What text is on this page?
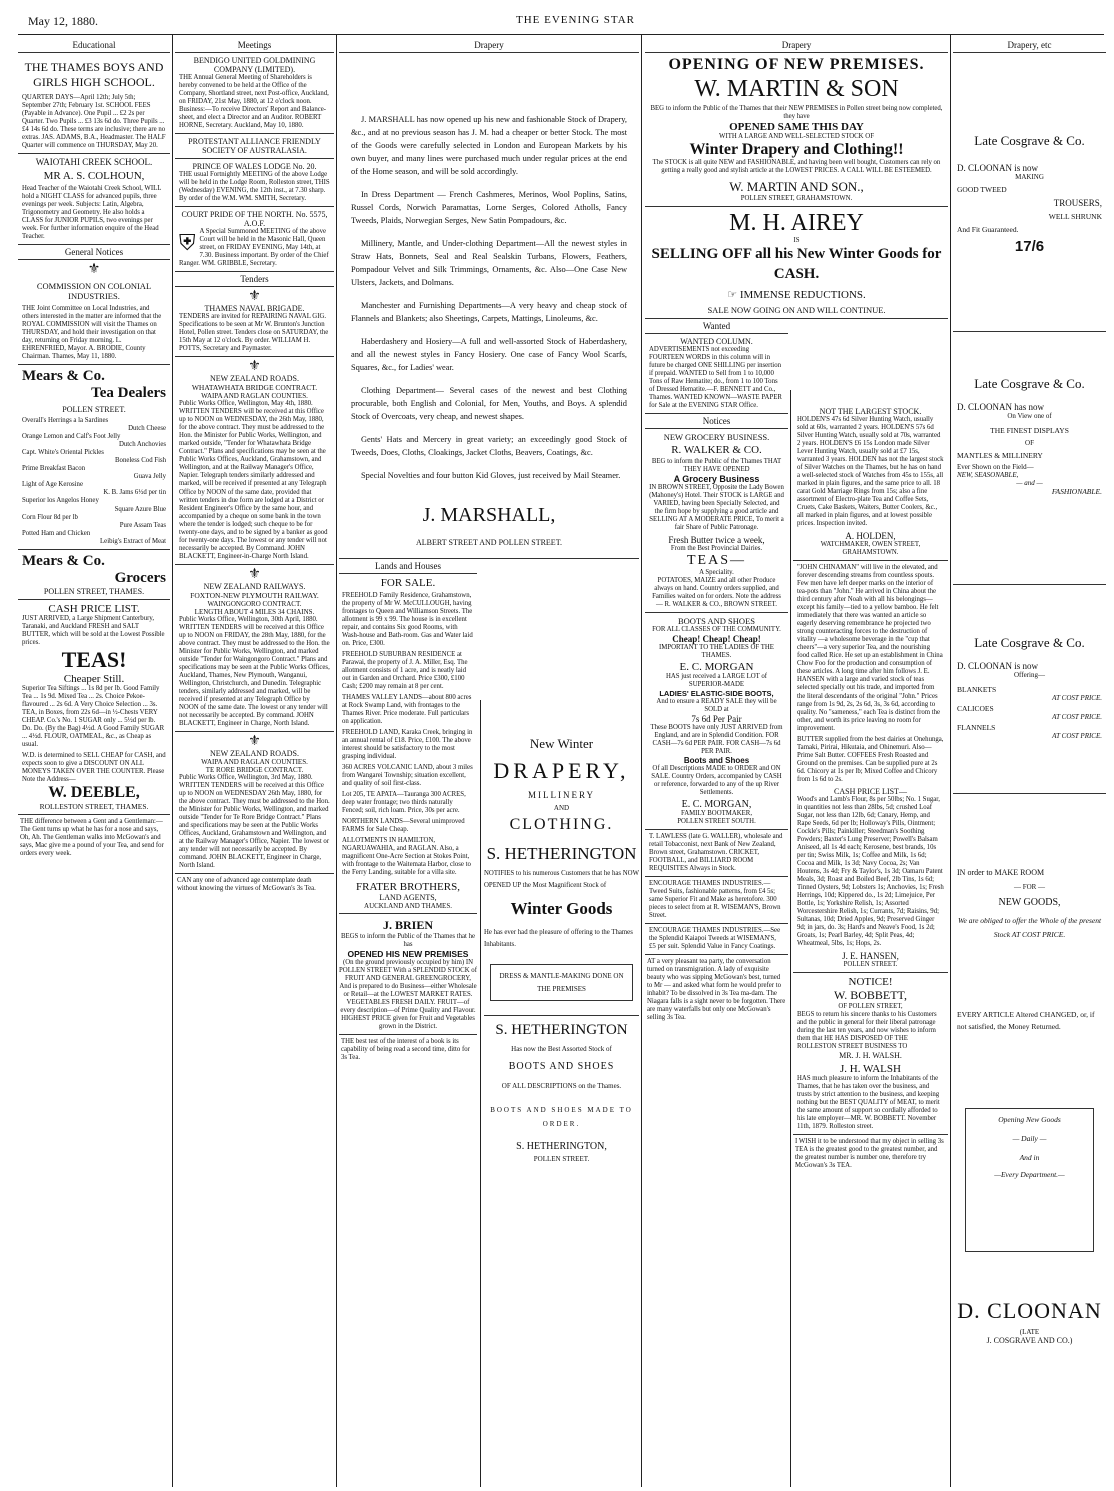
May 12, 1880.	THE EVENING STAR
Educational
THE THAMES BOYS AND GIRLS HIGH SCHOOL.
QUARTER DAYS—April 12th; July 5th; September 27th; February 1st. SCHOOL FEES (Payable in Advance). One Pupil ... £2 2s per Quarter. Two Pupils ... £3 13s 6d do. Three Pupils ... £4 14s 6d do. These terms are inclusive; there are no extras. JAS. ADAMS, B.A., Headmaster. The HALF Quarter will commence on THURSDAY, May 20.
WAIOTAHI CREEK SCHOOL.
MR A. S. COLHOUN,
Head Teacher of the Waiotahi Creek School, WILL hold a NIGHT CLASS for advanced pupils, three evenings per week. Subjects: Latin, Algebra, Trigonometry and Geometry. He also holds a CLASS for JUNIOR PUPILS, two evenings per week. For further information enquire of the Head Teacher.
General Notices
⚜
COMMISSION ON COLONIAL INDUSTRIES.
THE Joint Committee on Local Industries, and others interested in the matter are informed that the ROYAL COMMISSION will visit the Thames on THURSDAY, and hold their investigation on that day, returning on Friday morning. L. EHRENFRIED, Mayor. A. BRODIE, County Chairman. Thames, May 11, 1880.
Mears & Co.
Tea Dealers
POLLEN STREET.
Overall's Herrings a la Sardines
Dutch Cheese
Orange Lemon and Calf's Foot Jelly
Dutch Anchovies
Capt. White's Oriental Pickles
Boneless Cod Fish
Prime Breakfast Bacon
Guava Jelly
Light of Age Kerosine
K. B. Jams 6½d per tin
Superior los Angelos Honey
Square Azure Blue
Corn Flour 8d per lb
Pure Assam Teas
Potted Ham and Chicken
Leibig's Extract of Meat
Mears & Co.
Grocers
POLLEN STREET, THAMES.
CASH PRICE LIST.
JUST ARRIVED, a Large Shipment Canterbury, Taranaki, and Auckland FRESH and SALT BUTTER, which will be sold at the Lowest Possible prices.
TEAS!
Cheaper Still.
Superior Tea Siftings ... 1s 8d per lb. Good Family Tea ... 1s 9d. Mixed Tea ... 2s. Choice Pekoe-flavoured ... 2s 6d. A Very Choice Selection ... 3s. TEA, in Boxes, from 22s 6d—in ½-Chests VERY CHEAP. Co.'s No. 1 SUGAR only ... 5½d per lb. Do. Do. (By the Bag) 4½d. A Good Family SUGAR ... 4½d. FLOUR, OATMEAL, &c., as Cheap as usual.
W.D. is determined to SELL CHEAP for CASH, and expects soon to give a DISCOUNT ON ALL MONEYS TAKEN OVER THE COUNTER. Please Note the Address—
W. DEEBLE,
ROLLESTON STREET, THAMES.
THE difference between a Gent and a Gentleman:—The Gent turns up what he has for a nose and says, Oh, Ah. The Gentleman walks into McGowan's and says, Mac give me a pound of your Tea, and send for orders every week.
Meetings
BENDIGO UNITED GOLDMINING COMPANY (LIMITED).
THE Annual General Meeting of Shareholders is hereby convened to be held at the Office of the Company, Shortland street, next Post-office, Auckland, on FRIDAY, 21st May, 1880, at 12 o'clock noon. Business:—To receive Directors' Report and Balance-sheet, and elect a Director and an Auditor. ROBERT HORNE, Secretary. Auckland, May 10, 1880.
PROTESTANT ALLIANCE FRIENDLY SOCIETY OF AUSTRALASIA.
PRINCE OF WALES LODGE No. 20.
THE usual Fortnightly MEETING of the above Lodge will be held in the Lodge Room, Rolleston street, THIS (Wednesday) EVENING, the 12th inst., at 7.30 sharp. By order of the W.M. WM. SMITH, Secretary.
COURT PRIDE OF THE NORTH. No. 5575, A.O.F.
⛨ A Special Summoned MEETING of the above Court will be held in the Masonic Hall, Queen street, on FRIDAY EVENING, May 14th, at 7.30. Business important. By order of the Chief Ranger. WM. GRIBBLE, Secretary.
Tenders
⚜
THAMES NAVAL BRIGADE.
TENDERS are invited for REPAIRING NAVAL GIG. Specifications to be seen at Mr W. Brunton's Junction Hotel, Pollen street. Tenders close on SATURDAY, the 15th May at 12 o'clock. By order. WILLIAM H. POTTS, Secretary and Paymaster.
⚜
NEW ZEALAND ROADS.
WHATAWHATA BRIDGE CONTRACT.
WAIPA AND RAGLAN COUNTIES.
Public Works Office, Wellington, May 4th, 1880. WRITTEN TENDERS will be received at this Office up to NOON on WEDNESDAY, the 26th May, 1880, for the above contract. They must be addressed to the Hon. the Minister for Public Works, Wellington, and marked outside, "Tender for Whatawhata Bridge Contract." Plans and specifications may be seen at the Public Works Offices, Auckland, Grahamstown, and Wellington, and at the Railway Manager's Office, Napier. Telegraph tenders similarly addressed and marked, will be received if presented at any Telegraph Office by NOON of the same date, provided that written tenders in due form are lodged at a District or Resident Engineer's Office by the same hour, and accompanied by a cheque on some bank in the town where the tender is lodged; such cheque to be for twenty-one days, and to be signed by a banker as good for twenty-one days. The lowest or any tender will not necessarily be accepted. By Command. JOHN BLACKETT, Engineer-in-Charge North Island.
⚜
NEW ZEALAND RAILWAYS.
FOXTON-NEW PLYMOUTH RAILWAY.
WAINGONGORO CONTRACT.
LENGTH ABOUT 4 MILES 34 CHAINS.
Public Works Office, Wellington, 30th April, 1880. WRITTEN TENDERS will be received at this Office up to NOON on FRIDAY, the 28th May, 1880, for the above contract. They must be addressed to the Hon. the Minister for Public Works, Wellington, and marked outside "Tender for Waingongoro Contract." Plans and specifications may be seen at the Public Works Offices, Auckland, Thames, New Plymouth, Wanganui, Wellington, Christchurch, and Dunedin. Telegraphic tenders, similarly addressed and marked, will be received if presented at any Telegraph Office by NOON of the same date. The lowest or any tender will not necessarily be accepted. By command. JOHN BLACKETT, Engineer in Charge, North Island.
⚜
NEW ZEALAND ROADS.
WAIPA AND RAGLAN COUNTIES.
TE RORE BRIDGE CONTRACT.
Public Works Office, Wellington, 3rd May, 1880. WRITTEN TENDERS will be received at this Office up to NOON on WEDNESDAY 26th May, 1880, for the above contract. They must be addressed to the Hon. the Minister for Public Works, Wellington, and marked outside "Tender for Te Rore Bridge Contract." Plans and specifications may be seen at the Public Works Offices, Auckland, Grahamstown and Wellington, and at the Railway Manager's Office, Napier. The lowest or any tender will not necessarily be accepted. By command. JOHN BLACKETT, Engineer in Charge, North Island.
CAN any one of advanced age contemplate death without knowing the virtues of McGowan's 3s Tea.
Drapery

J. MARSHALL has now opened up his new and fashionable Stock of Drapery, &c., and at no previous season has J. M. had a cheaper or better Stock. The most of the Goods were carefully selected in London and European Markets by his own buyer, and many lines were purchased much under regular prices at the end of the Home season, and will be sold accordingly.

In Dress Department — French Cashmeres, Merinos, Wool Poplins, Satins, Russel Cords, Norwich Paramattas, Lorne Serges, Colored Atholls, Fancy Tweeds, Plaids, Norwegian Serges, New Satin Pompadours, &c.

Millinery, Mantle, and Under-clothing Department—All the newest styles in Straw Hats, Bonnets, Seal and Real Sealskin Turbans, Flowers, Feathers, Pompadour Velvet and Silk Trimmings, Ornaments, &c. Also—One Case New Ulsters, Jackets, and Dolmans.

Manchester and Furnishing Departments—A very heavy and cheap stock of Flannels and Blankets; also Sheetings, Carpets, Mattings, Linoleums, &c.

Haberdashery and Hosiery—A full and well-assorted Stock of Haberdashery, and all the newest styles in Fancy Hosiery. One case of Fancy Wool Scarfs, Squares, &c., for Ladies' wear.

Clothing Department— Several cases of the newest and best Clothing procurable, both English and Colonial, for Men, Youths, and Boys. A splendid Stock of Overcoats, very cheap, and newest shapes.

Gents' Hats and Mercery in great variety; an exceedingly good Stock of Tweeds, Does, Cloths, Cloakings, Jacket Cloths, Beavers, Coatings, &c.

Special Novelties and four button Kid Gloves, just received by Mail Steamer.

J. MARSHALL,
ALBERT STREET AND POLLEN STREET.
Lands and Houses
FOR SALE.

FREEHOLD Family Residence, Grahamstown, the property of Mr W. McCULLOUGH, having frontages to Queen and Williamson Streets. The allotment is 99 x 99. The house is in excellent repair, and contains Six good Rooms, with Wash-house and Bath-room. Gas and Water laid on. Price, £300.

FREEHOLD SUBURBAN RESIDENCE at Parawai, the property of J. A. Miller, Esq. The allotment consists of 1 acre, and is neatly laid out in Garden and Orchard. Price £300, £100 Cash; £200 may remain at 8 per cent.

THAMES VALLEY LANDS—about 800 acres at Rock Swamp Land, with frontages to the Thames River. Price moderate. Full particulars on application.

FREEHOLD LAND, Karaka Creek, bringing in an annual rental of £18. Price, £100. The above interest should be satisfactory to the most grasping individual.

360 ACRES VOLCANIC LAND, about 3 miles from Wangarei Township; situation excellent, and quality of soil first-class.

Lot 205, TE APATA—Tauranga 300 ACRES, deep water frontage; two thirds naturally Fenced; soil, rich loam. Price, 30s per acre.

NORTHERN LANDS—Several unimproved FARMS for Sale Cheap.

ALLOTMENTS IN HAMILTON, NGARUAWAHIA, and RAGLAN. Also, a magnificent One-Acre Section at Stokes Point, with frontage to the Waitemata Harbor, close to the Ferry Landing, suitable for a villa site.

FRATER BROTHERS,
LAND AGENTS,
AUCKLAND AND THAMES.
J. BRIEN
BEGS to inform the Public of the Thames that he has
OPENED HIS NEW PREMISES
(On the ground previously occupied by him) IN POLLEN STREET With a SPLENDID STOCK of FRUIT AND GENERAL GREENGROCERY, And is prepared to do Business—either Wholesale or Retail—at the LOWEST MARKET RATES. VEGETABLES FRESH DAILY. FRUIT—of every description—of Prime Quality and Flavour. HIGHEST PRICE given for Fruit and Vegetables grown in the District.
THE best test of the interest of a book is its capability of being read a second time, ditto for 3s Tea.
New Winter
DRAPERY,
MILLINERY
AND
CLOTHING.
S. HETHERINGTON
NOTIFIES to his numerous Customers that he has NOW OPENED UP the Most Magnificent Stock of
Winter Goods
He has ever had the pleasure of offering to the Thames Inhabitants.
DRESS & MANTLE-MAKING DONE ON THE PREMISES
S. HETHERINGTON
Has now the Best Assorted Stock of
BOOTS AND SHOES
OF ALL DESCRIPTIONS on the Thames.
BOOTS AND SHOES MADE TO ORDER.
S. HETHERINGTON,
POLLEN STREET.
Drapery
OPENING OF NEW PREMISES.
W. MARTIN & SON
BEG to inform the Public of the Thames that their NEW PREMISES in Pollen street being now completed, they have
OPENED SAME THIS DAY
WITH A LARGE AND WELL-SELECTED STOCK OF
Winter Drapery and Clothing!!
The STOCK is all quite NEW and FASHIONABLE, and having been well bought, Customers can rely on getting a really good and stylish article at the LOWEST PRICES. A CALL WILL BE ESTEEMED.
W. MARTIN AND SON.,
POLLEN STREET, GRAHAMSTOWN.
M. H. AIREY
IS
SELLING OFF all his New Winter Goods for CASH.
☞ IMMENSE REDUCTIONS.
SALE NOW GOING ON AND WILL CONTINUE.
Wanted
WANTED COLUMN.
ADVERTISEMENTS not exceeding FOURTEEN WORDS in this column will in future be charged ONE SHILLING per insertion if prepaid. WANTED to Sell from 1 to 10,000 Tons of Raw Hematite; do., from 1 to 100 Tons of Dressed Hematite.—F. BENNETT and Co., Thames. WANTED KNOWN—WASTE PAPER for Sale at the EVENING STAR Office.
Notices
NEW GROCERY BUSINESS.
R. WALKER & CO.
BEG to inform the Public of the Thames THAT THEY HAVE OPENED
A Grocery Business
IN BROWN STREET, Opposite the Lady Bowen (Mahoney's) Hotel. Their STOCK is LARGE and VARIED, having been Specially Selected, and the firm hope by supplying a good article and SELLING AT A MODERATE PRICE, To merit a fair Share of Public Patronage.
Fresh Butter twice a week,
From the Best Provincial Dairies.
TEAS—
A Speciality.
POTATOES, MAIZE and all other Produce always on hand. Country orders supplied, and Families waited on for orders. Note the address— R. WALKER & CO., BROWN STREET.
BOOTS AND SHOES
FOR ALL CLASSES OF THE COMMUNITY.
Cheap! Cheap! Cheap!
IMPORTANT TO THE LADIES OF THE THAMES.
E. C. MORGAN
HAS just received a LARGE LOT of SUPERIOR-MADE
LADIES' ELASTIC-SIDE BOOTS,
And to ensure a READY SALE they will be SOLD at
7s 6d Per Pair
These BOOTS have only JUST ARRIVED from England, and are in Splendid Condition. FOR CASH—7s 6d PER PAIR. FOR CASH—7s 6d PER PAIR.
Boots and Shoes
Of all Descriptions MADE to ORDER and ON SALE. Country Orders, accompanied by CASH or reference, forwarded to any of the up River Settlements.
E. C. MORGAN,
FAMILY BOOTMAKER,
POLLEN STREET SOUTH.
T. LAWLESS (late G. WALLER), wholesale and retail Tobacconist, next Bank of New Zealand, Brown street, Grahamstown. CRICKET, FOOTBALL, and BILLIARD ROOM REQUISITES Always in Stock.
ENCOURAGE THAMES INDUSTRIES.—Tweed Suits, fashionable patterns, from £4 5s; same Superior Fit and Make as heretofore. 300 pieces to select from at R. WISEMAN'S, Brown Street.
ENCOURAGE THAMES INDUSTRIES.—See the Splendid Kaiapoi Tweeds at WISEMAN'S, £5 per suit. Splendid Value in Fancy Coatings.
AT a very pleasant tea party, the conversation turned on transmigration. A lady of exquisite beauty who was sipping McGowan's best, turned to Mr — and asked what form he would prefer to inhabit? To be dissolved in 3s Tea ma-dam. The Niagara falls is a sight never to be forgotten. There are many waterfalls but only one McGowan's selling 3s Tea.
NOT THE LARGEST STOCK.
HOLDEN'S 47s 6d Silver Hunting Watch, usually sold at 60s, warranted 2 years. HOLDEN'S 57s 6d Silver Hunting Watch, usually sold at 70s, warranted 2 years. HOLDEN'S £6 15s London made Silver Lever Hunting Watch, usually sold at £7 15s, warranted 3 years. HOLDEN has not the largest stock of Silver Watches on the Thames, but he has on hand a well-selected stock of Watches from 45s to 155s, all marked in plain figures, and the same price to all. 18 carat Gold Marriage Rings from 15s; also a fine assortment of Electro-plate Tea and Coffee Sets, Cruets, Cake Baskets, Waiters, Butter Coolers, &c., all marked in plain figures, and at lowest possible prices. Inspection invited.
A. HOLDEN,
WATCHMAKER, OWEN STREET, GRAHAMSTOWN.
"JOHN CHINAMAN" will live in the elevated, and forever descending streams from countless spouts. Few men have left deeper marks on the interior of tea-pots than "John." He arrived in China about the third century after Noah with all his belongings—except his family—tied to a yellow bamboo. He felt immediately that there was wanted an article so eagerly deserving remembrance he projected two strong counteracting forces to the destruction of vitality —a wholesome beverage in the "cup that cheers"—a very superior Tea, and the nourishing food called Rice. He set up an establishment in China Chow Foo for the production and consumption of these articles. A long time after him follows J. E. HANSEN with a large and varied stock of teas selected specially out his trade, and imported from the literal descendants of the original "John." Prices range from 1s 9d, 2s, 2s 6d, 3s, 3s 6d, according to quality. No "sameness," each Tea is distinct from the other, and worth its price leaving no room for improvement.
BUTTER supplied from the best dairies at Onehunga, Tamaki, Pirirai, Hikutaia, and Ohinemuri. Also—Prime Salt Butter. COFFEES Fresh Roasted and Ground on the premises. Can be supplied pure at 2s 6d. Chicory at 1s per lb; Mixed Coffee and Chicory from 1s 6d to 2s.
CASH PRICE LIST—
Wood's and Lamb's Flour, 8s per 50lbs; No. 1 Sugar, in quantities not less than 28lbs, 5d; crushed Loaf Sugar, not less than 12lb, 6d; Canary, Hemp, and Rape Seeds, 6d per lb; Holloway's Pills, Ointment; Cockle's Pills; Painkiller; Steedman's Soothing Powders; Baxter's Lung Preserver; Powell's Balsam Aniseed, all 1s 4d each; Kerosene, best brands, 10s per tin; Swiss Milk, 1s; Coffee and Milk, 1s 6d; Cocoa and Milk, 1s 3d; Navy Cocoa, 2s; Van Houtens, 3s 4d; Fry & Taylor's, 1s 3d; Oamaru Patent Meals, 3d; Roast and Boiled Beef, 2lb Tins, 1s 6d; Tinned Oysters, 9d; Lobsters 1s; Anchovies, 1s; Fresh Herrings, 10d; Kippered do., 1s 2d; Limejuice, Per Bottle, 1s; Yorkshire Relish, 1s; Assorted Worcestershire Relish, 1s; Currants, 7d; Raisins, 9d; Sultanas, 10d; Dried Apples, 9d; Preserved Ginger 9d; in jars, do. 3s; Hard's and Neave's Food, 1s 2d; Groats, 1s; Pearl Barley, 4d; Split Peas, 4d; Wheatmeal, 5lbs, 1s; Hops, 2s.
J. E. HANSEN,
POLLEN STREET.
NOTICE!
W. BOBBETT,
OF POLLEN STREET,
BEGS to return his sincere thanks to his Customers and the public in general for their liberal patronage during the last ten years, and now wishes to inform them that HE HAS DISPOSED OF THE ROLLESTON STREET BUSINESS TO
MR. J. H. WALSH.
J. H. WALSH
HAS much pleasure to inform the Inhabitants of the Thames, that he has taken over the business, and trusts by strict attention to the business, and keeping nothing but the BEST QUALITY of MEAT, to merit the same amount of support so cordially afforded to his late employer—MR. W. BOBBETT. November 11th, 1879. Rolleston street.
I WISH it to be understood that my object in selling 3s TEA is the greatest good to the greatest number, and the greatest number is number one, therefore try McGowan's 3s TEA.
Drapery, etc
Late Cosgrave & Co.
D. CLOONAN is now
MAKING
GOOD TWEED
TROUSERS,
WELL SHRUNK
And Fit Guaranteed.
17/6
Late Cosgrave & Co.
D. CLOONAN has now
On View one of
THE FINEST DISPLAYS
OF
MANTLES & MILLINERY
Ever Shown on the Field—
NEW, SEASONABLE,
— and —
FASHIONABLE.
Late Cosgrave & Co.
D. CLOONAN is now
Offering—
BLANKETS
AT COST PRICE.
CALICOES
AT COST PRICE.
FLANNELS
AT COST PRICE.
IN order to MAKE ROOM
— FOR —
NEW GOODS,
We are obliged to offer the Whole of the present Stock AT COST PRICE.
EVERY ARTICLE Altered CHANGED, or, if not satisfied, the Money Returned.
Opening New Goods
— Daily —
And in
—Every Department.—
D. CLOONAN
(LATE
J. COSGRAVE AND CO.)
